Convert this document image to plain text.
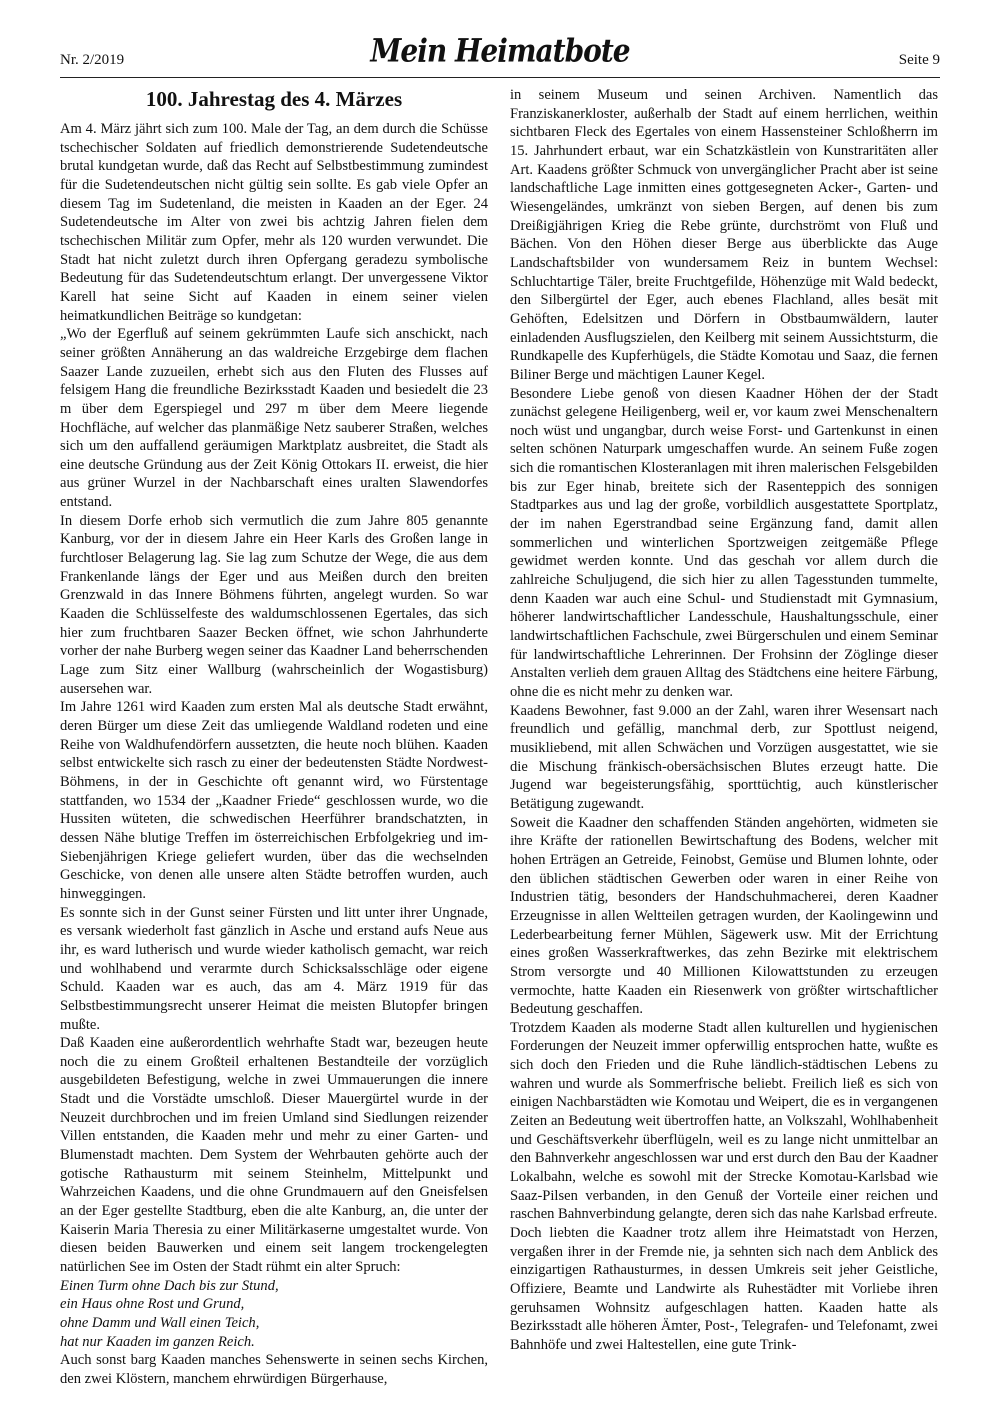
Nr. 2/2019	Mein Heimatbote	Seite 9
100. Jahrestag des 4. Märzes

Am 4. März jährt sich zum 100. Male der Tag, an dem durch die Schüsse tschechischer Soldaten auf friedlich demonstrierende Sudetendeutsche brutal kundgetan wurde, daß das Recht auf Selbstbestimmung zumindest für die Sudetendeutschen nicht gültig sein sollte. Es gab viele Opfer an diesem Tag im Sudetenland, die meisten in Kaaden an der Eger. 24 Sudetendeutsche im Alter von zwei bis achtzig Jahren fielen dem tschechischen Militär zum Opfer, mehr als 120 wurden verwundet. Die Stadt hat nicht zuletzt durch ihren Opfergang geradezu symbolische Bedeutung für das Sudetendeutschtum erlangt. Der unvergessene Viktor Karell hat seine Sicht auf Kaaden in einem seiner vielen heimatkundlichen Beiträge so kundgetan:

„Wo der Egerfluß auf seinem gekrümmten Laufe sich anschickt, nach seiner größten Annäherung an das waldreiche Erzgebirge dem flachen Saazer Lande zuzueilen, erhebt sich aus den Fluten des Flusses auf felsigem Hang die freundliche Bezirksstadt Kaaden und besiedelt die 23 m über dem Egerspiegel und 297 m über dem Meere liegende Hochfläche, auf welcher das planmäßige Netz sauberer Straßen, welches sich um den auffallend geräumigen Marktplatz ausbreitet, die Stadt als eine deutsche Gründung aus der Zeit König Ottokars II. erweist, die hier aus grüner Wurzel in der Nachbarschaft eines uralten Slawendorfes entstand.

In diesem Dorfe erhob sich vermutlich die zum Jahre 805 genannte Kanburg, vor der in diesem Jahre ein Heer Karls des Großen lange in furchtloser Belagerung lag. Sie lag zum Schutze der Wege, die aus dem Frankenlande längs der Eger und aus Meißen durch den breiten Grenzwald in das Innere Böhmens führten, angelegt wurden. So war Kaaden die Schlüsselfeste des waldumschlossenen Egertales, das sich hier zum fruchtbaren Saazer Becken öffnet, wie schon Jahrhunderte vorher der nahe Burberg wegen seiner das Kaadner Land beherrschenden Lage zum Sitz einer Wallburg (wahrscheinlich der Wogastisburg) ausersehen war.

Im Jahre 1261 wird Kaaden zum ersten Mal als deutsche Stadt erwähnt, deren Bürger um diese Zeit das umliegende Waldland rodeten und eine Reihe von Waldhufendörfern aussetzten, die heute noch blühen. Kaaden selbst entwickelte sich rasch zu einer der bedeutensten Städte Nordwest-Böhmens, in der in Geschichte oft genannt wird, wo Fürstentage stattfanden, wo 1534 der „Kaadner Friede“ geschlossen wurde, wo die Hussiten wüteten, die schwedischen Heerführer brandschatzten, in dessen Nähe blutige Treffen im österreichischen Erbfolgekrieg und im-Siebenjährigen Kriege geliefert wurden, über das die wechselnden Geschicke, von denen alle unsere alten Städte betroffen wurden, auch hinweggingen.

Es sonnte sich in der Gunst seiner Fürsten und litt unter ihrer Ungnade, es versank wiederholt fast gänzlich in Asche und erstand aufs Neue aus ihr, es ward lutherisch und wurde wieder katholisch gemacht, war reich und wohlhabend und verarmte durch Schicksalsschläge oder eigene Schuld. Kaaden war es auch, das am 4. März 1919 für das Selbstbestimmungsrecht unserer Heimat die meisten Blutopfer bringen mußte.

Daß Kaaden eine außerordentlich wehrhafte Stadt war, bezeugen heute noch die zu einem Großteil erhaltenen Bestandteile der vorzüglich ausgebildeten Befestigung, welche in zwei Ummauerungen die innere Stadt und die Vorstädte umschloß. Dieser Mauergürtel wurde in der Neuzeit durchbrochen und im freien Umland sind Siedlungen reizender Villen entstanden, die Kaaden mehr und mehr zu einer Garten- und Blumenstadt machten. Dem System der Wehrbauten gehörte auch der gotische Rathausturm mit seinem Steinhelm, Mittelpunkt und Wahrzeichen Kaadens, und die ohne Grundmauern auf den Gneisfelsen an der Eger gestellte Stadtburg, eben die alte Kanburg, an, die unter der Kaiserin Maria Theresia zu einer Militärkaserne umgestaltet wurde. Von diesen beiden Bauwerken und einem seit langem trockengelegten natürlichen See im Osten der Stadt rühmt ein alter Spruch:

Einen Turm ohne Dach bis zur Stund,
ein Haus ohne Rost und Grund,
ohne Damm und Wall einen Teich,
hat nur Kaaden im ganzen Reich.

Auch sonst barg Kaaden manches Sehenswerte in seinen sechs Kirchen, den zwei Klöstern, manchem ehrwürdigen Bürgerhause,

in seinem Museum und seinen Archiven. Namentlich das Franziskanerkloster, außerhalb der Stadt auf einem herrlichen, weithin sichtbaren Fleck des Egertales von einem Hassensteiner Schloßherrn im 15. Jahrhundert erbaut, war ein Schatzkästlein von Kunstraritäten aller Art. Kaadens größter Schmuck von unvergänglicher Pracht aber ist seine landschaftliche Lage inmitten eines gottgesegneten Acker-, Garten- und Wiesengeländes, umkränzt von sieben Bergen, auf denen bis zum Dreißigjährigen Krieg die Rebe grünte, durchströmt von Fluß und Bächen. Von den Höhen dieser Berge aus überblickte das Auge Landschaftsbilder von wundersamem Reiz in buntem Wechsel: Schluchtartige Täler, breite Fruchtgefilde, Höhenzüge mit Wald bedeckt, den Silbergürtel der Eger, auch ebenes Flachland, alles besät mit Gehöften, Edelsitzen und Dörfern in Obstbaumwäldern, lauter einladenden Ausflugszielen, den Keilberg mit seinem Aussichtsturm, die Rundkapelle des Kupferhügels, die Städte Komotau und Saaz, die fernen Biliner Berge und mächtigen Launer Kegel.

Besondere Liebe genoß von diesen Kaadner Höhen der der Stadt zunächst gelegene Heiligenberg, weil er, vor kaum zwei Menschenaltern noch wüst und ungangbar, durch weise Forst- und Gartenkunst in einen selten schönen Naturpark umgeschaffen wurde. An seinem Fuße zogen sich die romantischen Klosteranlagen mit ihren malerischen Felsgebilden bis zur Eger hinab, breitete sich der Rasenteppich des sonnigen Stadtparkes aus und lag der große, vorbildlich ausgestattete Sportplatz, der im nahen Egerstrandbad seine Ergänzung fand, damit allen sommerlichen und winterlichen Sportzweigen zeitgemäße Pflege gewidmet werden konnte. Und das geschah vor allem durch die zahlreiche Schuljugend, die sich hier zu allen Tagesstunden tummelte, denn Kaaden war auch eine Schul- und Studienstadt mit Gymnasium, höherer landwirtschaftlicher Landesschule, Haushaltungsschule, einer landwirtschaftlichen Fachschule, zwei Bürgerschulen und einem Seminar für landwirtschaftliche Lehrerinnen. Der Frohsinn der Zöglinge dieser Anstalten verlieh dem grauen Alltag des Städtchens eine heitere Färbung, ohne die es nicht mehr zu denken war.

Kaadens Bewohner, fast 9.000 an der Zahl, waren ihrer Wesensart nach freundlich und gefällig, manchmal derb, zur Spottlust neigend, musikliebend, mit allen Schwächen und Vorzügen ausgestattet, wie sie die Mischung fränkisch-obersächsischen Blutes erzeugt hatte. Die Jugend war begeisterungsfähig, sporttüchtig, auch künstlerischer Betätigung zugewandt.

Soweit die Kaadner den schaffenden Ständen angehörten, widmeten sie ihre Kräfte der rationellen Bewirtschaftung des Bodens, welcher mit hohen Erträgen an Getreide, Feinobst, Gemüse und Blumen lohnte, oder den üblichen städtischen Gewerben oder waren in einer Reihe von Industrien tätig, besonders der Handschuhmacherei, deren Kaadner Erzeugnisse in allen Weltteilen getragen wurden, der Kaolingewinn und Lederbearbeitung ferner Mühlen, Sägewerk usw. Mit der Errichtung eines großen Wasserkraftwerkes, das zehn Bezirke mit elektrischem Strom versorgte und 40 Millionen Kilowattstunden zu erzeugen vermochte, hatte Kaaden ein Riesenwerk von größter wirtschaftlicher Bedeutung geschaffen.

Trotzdem Kaaden als moderne Stadt allen kulturellen und hygienischen Forderungen der Neuzeit immer opferwillig entsprochen hatte, wußte es sich doch den Frieden und die Ruhe ländlich-städtischen Lebens zu wahren und wurde als Sommerfrische beliebt. Freilich ließ es sich von einigen Nachbarstädten wie Komotau und Weipert, die es in vergangenen Zeiten an Bedeutung weit übertroffen hatte, an Volkszahl, Wohlhabenheit und Geschäftsverkehr überflügeln, weil es zu lange nicht unmittelbar an den Bahnverkehr angeschlossen war und erst durch den Bau der Kaadner Lokalbahn, welche es sowohl mit der Strecke Komotau-Karlsbad wie Saaz-Pilsen verbanden, in den Genuß der Vorteile einer reichen und raschen Bahnverbindung gelangte, deren sich das nahe Karlsbad erfreute.

Doch liebten die Kaadner trotz allem ihre Heimatstadt von Herzen, vergaßen ihrer in der Fremde nie, ja sehnten sich nach dem Anblick des einzigartigen Rathausturmes, in dessen Umkreis seit jeher Geistliche, Offiziere, Beamte und Landwirte als Ruhestädter mit Vorliebe ihren geruhsamen Wohnsitz aufgeschlagen hatten. Kaaden hatte als Bezirksstadt alle höheren Ämter, Post-, Telegrafen- und Telefonamt, zwei Bahnhöfe und zwei Haltestellen, eine gute Trink-
